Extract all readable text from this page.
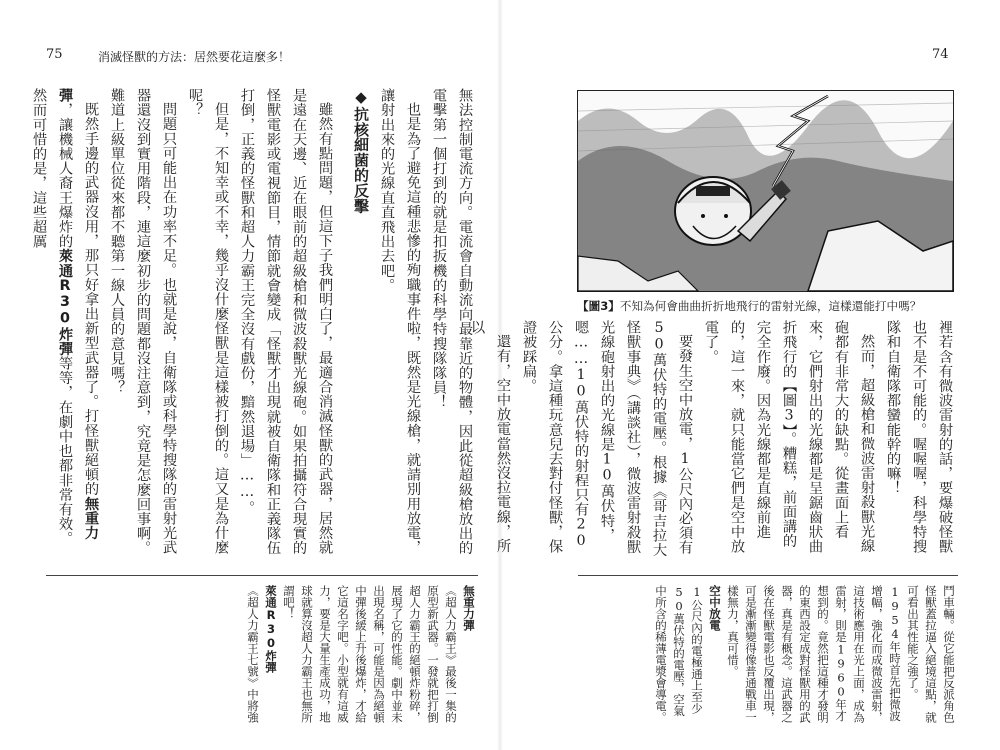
75	消滅怪獸的方法：居然要花這麼多！

無法控制電流方向。電流會自動流向最靠近的物體，因此從超級槍放出的電擊第一個打到的就是扣扳機的科學特搜隊隊員！

也是為了避免這種悲慘的殉職事件啦，既然是光線槍，就請別用放電，讓射出來的光線直直飛出去吧。

◆抗核細菌的反擊

雖然有點問題，但這下子我們明白了，最適合消滅怪獸的武器，居然就是遠在天邊、近在眼前的超級槍和微波殺獸光線砲。如果拍攝符合現實的怪獸電影或電視節目，情節就會變成「怪獸才出現就被自衛隊和正義隊伍打倒，正義的怪獸和超人力霸王完全沒有戲份，黯然退場」……。

但是，不知幸或不幸，幾乎沒什麼怪獸是這樣被打倒的。這又是為什麼呢？

問題只可能出在功率不足。也就是說，自衛隊或科學特搜隊的雷射光武器還沒到實用階段，連這麼初步的問題都沒注意到，究竟是怎麼回事啊。難道上級單位從來都不聽第一線人員的意見嗎？

既然手邊的武器沒用，那只好拿出新型武器了。打怪獸絕頓的無重力彈，讓機械人裔王爆炸的萊通R30炸彈等等，在劇中也都非常有效。然而可惜的是，這些超厲

無重力彈

《超人力霸王》最後一集的原型新武器。一發就把打倒超人力霸王的絕頓炸粉碎，展現了它的性能。劇中並未出現名稱，可能是因為絕頓中彈後緩上升後爆炸，才給它這名字吧。小型就有這威力，要是大量生產成功，地球就算沒超人力霸王也無所謂吧！

萊通R30炸彈

《超人力霸王七號》中將強

74
【圖3】不知為何會曲曲折折地飛行的雷射光線，這樣還能打中嗎？

裡若含有微波雷射的話，要爆破怪獸也不是不可能的。喔喔喔，科學特搜隊和自衛隊都蠻能幹的嘛！

然而，超級槍和微波雷射殺獸光線砲都有非常大的缺點。從畫面上看來，它們射出的光線都是呈鋸齒狀曲折飛行的【圖3】。糟糕，前面講的完全作廢。因為光線都是直線前進的，這一來，就只能當它們是空中放電了。

要發生空中放電，1公尺內必須有50萬伏特的電壓。根據《哥吉拉大怪獸事典》（講談社），微波雷射殺獸光線砲射出的光線是10萬伏特，嗯……10萬伏特的射程只有20公分。拿這種玩意兒去對付怪獸，保證被踩扁。

還有，空中放電當然沒拉電線，所以

鬥車輛。從它能把反派角色怪獸蓋拉逼入絕境這點，就可看出其性能之強了。1954年時首先把微波增幅，強化而成微波雷射，這技術應用在光上面，成為雷射，則是1960年才想到的。竟然把這種才發明的東西設定成對怪獸用的武器，真是有概念。這武器之後在怪獸電影也反覆出現，可是漸漸變得像普通戰車一樣無力，真可惜。

空中放電

1公尺內的電極通上至少50萬伏特的電壓，空氣中所含的稀薄電漿會導電。
